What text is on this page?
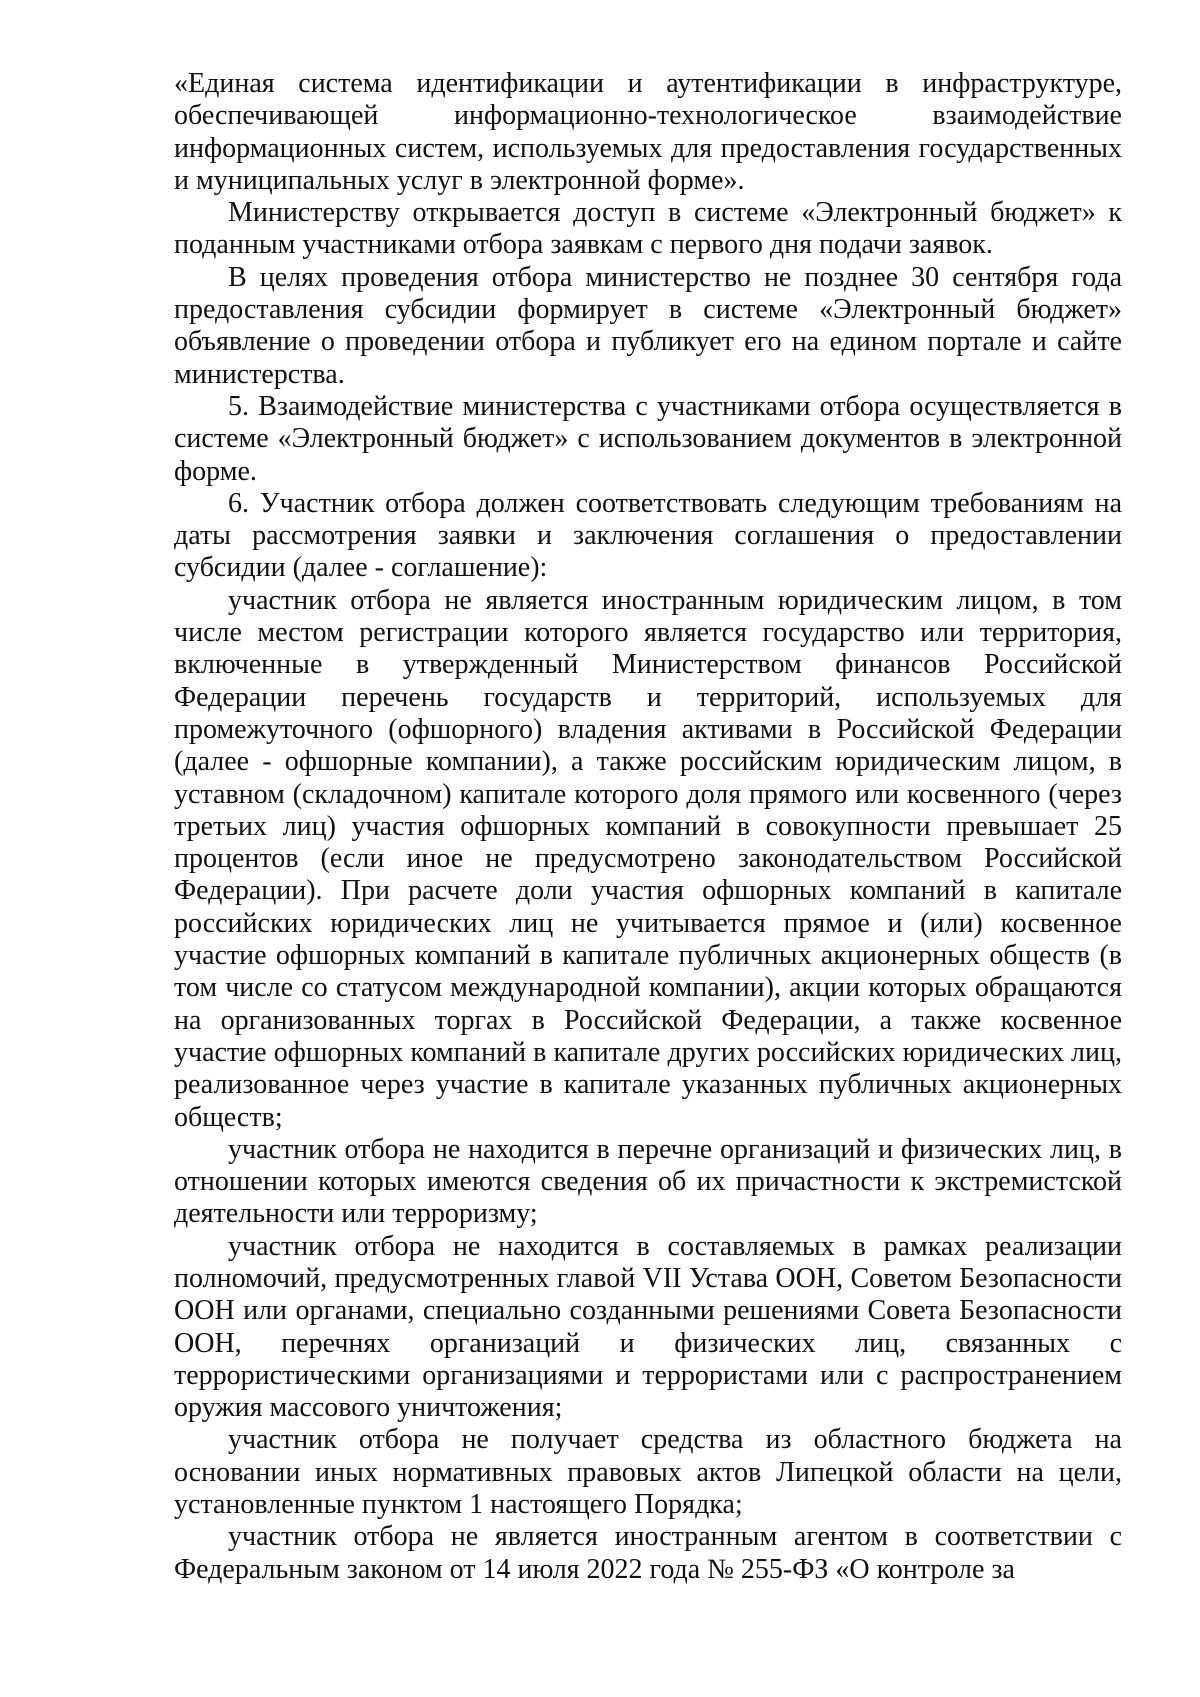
«Единая система идентификации и аутентификации в инфраструктуре, обеспечивающей информационно-технологическое взаимодействие информационных систем, используемых для предоставления государственных и муниципальных услуг в электронной форме».

Министерству открывается доступ в системе «Электронный бюджет» к поданным участниками отбора заявкам с первого дня подачи заявок.

В целях проведения отбора министерство не позднее 30 сентября года предоставления субсидии формирует в системе «Электронный бюджет» объявление о проведении отбора и публикует его на едином портале и сайте министерства.

5. Взаимодействие министерства с участниками отбора осуществляется в системе «Электронный бюджет» с использованием документов в электронной форме.

6. Участник отбора должен соответствовать следующим требованиям на даты рассмотрения заявки и заключения соглашения о предоставлении субсидии (далее - соглашение):

участник отбора не является иностранным юридическим лицом, в том числе местом регистрации которого является государство или территория, включенные в утвержденный Министерством финансов Российской Федерации перечень государств и территорий, используемых для промежуточного (офшорного) владения активами в Российской Федерации (далее - офшорные компании), а также российским юридическим лицом, в уставном (складочном) капитале которого доля прямого или косвенного (через третьих лиц) участия офшорных компаний в совокупности превышает 25 процентов (если иное не предусмотрено законодательством Российской Федерации). При расчете доли участия офшорных компаний в капитале российских юридических лиц не учитывается прямое и (или) косвенное участие офшорных компаний в капитале публичных акционерных обществ (в том числе со статусом международной компании), акции которых обращаются на организованных торгах в Российской Федерации, а также косвенное участие офшорных компаний в капитале других российских юридических лиц, реализованное через участие в капитале указанных публичных акционерных обществ;

участник отбора не находится в перечне организаций и физических лиц, в отношении которых имеются сведения об их причастности к экстремистской деятельности или терроризму;

участник отбора не находится в составляемых в рамках реализации полномочий, предусмотренных главой VII Устава ООН, Советом Безопасности ООН или органами, специально созданными решениями Совета Безопасности ООН, перечнях организаций и физических лиц, связанных с террористическими организациями и террористами или с распространением оружия массового уничтожения;

участник отбора не получает средства из областного бюджета на основании иных нормативных правовых актов Липецкой области на цели, установленные пунктом 1 настоящего Порядка;

участник отбора не является иностранным агентом в соответствии с Федеральным законом от 14 июля 2022 года № 255-ФЗ «О контроле за
